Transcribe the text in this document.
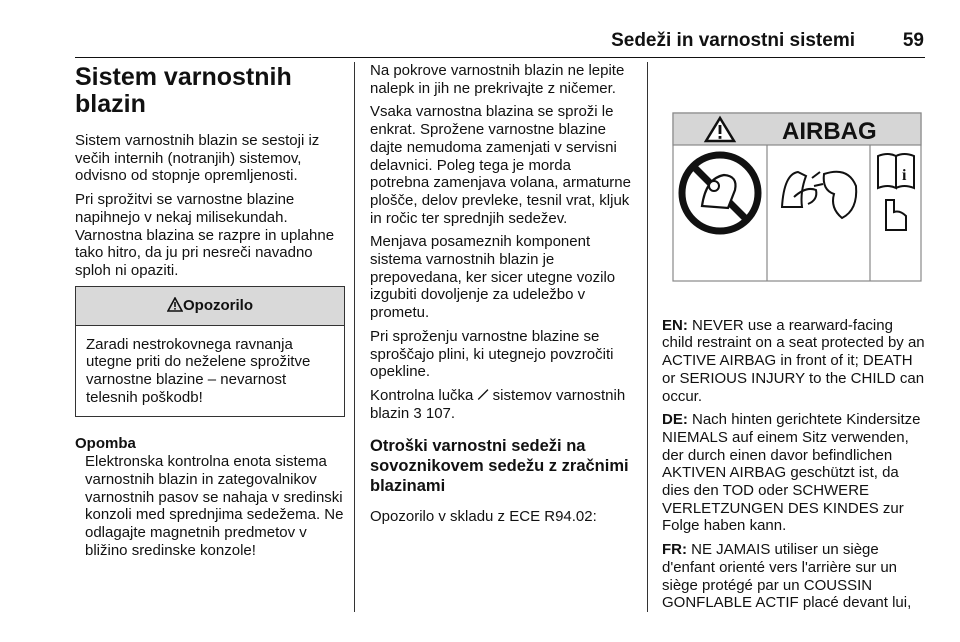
Sedeži in varnostni sistemi	59
Sistem varnostnih blazin

Sistem varnostnih blazin se sestoji iz večih internih (notranjih) sistemov, odvisno od stopnje opremljenosti.

Pri sprožitvi se varnostne blazine napihnejo v nekaj milisekundah. Varnostna blazina se razpre in uplahne tako hitro, da ju pri nesreči navadno sploh ni opaziti.

Opozorilo
Zaradi nestrokovnega ravnanja utegne priti do neželene sprožitve varnostne blazine – nevarnost telesnih poškodb!
Opomba
Elektronska kontrolna enota sistema varnostnih blazin in zategovalnikov varnostnih pasov se nahaja v sredinski konzoli med sprednjima sedežema. Ne odlagajte magnetnih predmetov v bližino sredinske konzole!

Na pokrove varnostnih blazin ne lepite nalepk in jih ne prekrivajte z ničemer.

Vsaka varnostna blazina se sproži le enkrat. Sprožene varnostne blazine dajte nemudoma zamenjati v servisni delavnici. Poleg tega je morda potrebna zamenjava volana, armaturne plošče, delov prevleke, tesnil vrat, kljuk in ročic ter sprednjih sedežev.

Menjava posameznih komponent sistema varnostnih blazin je prepovedana, ker sicer utegne vozilo izgubiti dovoljenje za udeležbo v prometu.

Pri sproženju varnostne blazine se sproščajo plini, ki utegnejo povzročiti opekline.

Kontrolna lučka 𝈺 sistemov varnostnih blazin 3 107.

Otroški varnostni sedeži na sovoznikovem sedežu z zračnimi blazinami

Opozorilo v skladu z ECE R94.02:

AIRBAG
i

EN: NEVER use a rearward-facing child restraint on a seat protected by an ACTIVE AIRBAG in front of it; DEATH or SERIOUS INJURY to the CHILD can occur.

DE: Nach hinten gerichtete Kindersitze NIEMALS auf einem Sitz verwenden, der durch einen davor befindlichen AKTIVEN AIRBAG geschützt ist, da dies den TOD oder SCHWERE VERLETZUNGEN DES KINDES zur Folge haben kann.

FR: NE JAMAIS utiliser un siège d'enfant orienté vers l'arrière sur un siège protégé par un COUSSIN GONFLABLE ACTIF placé devant lui,
